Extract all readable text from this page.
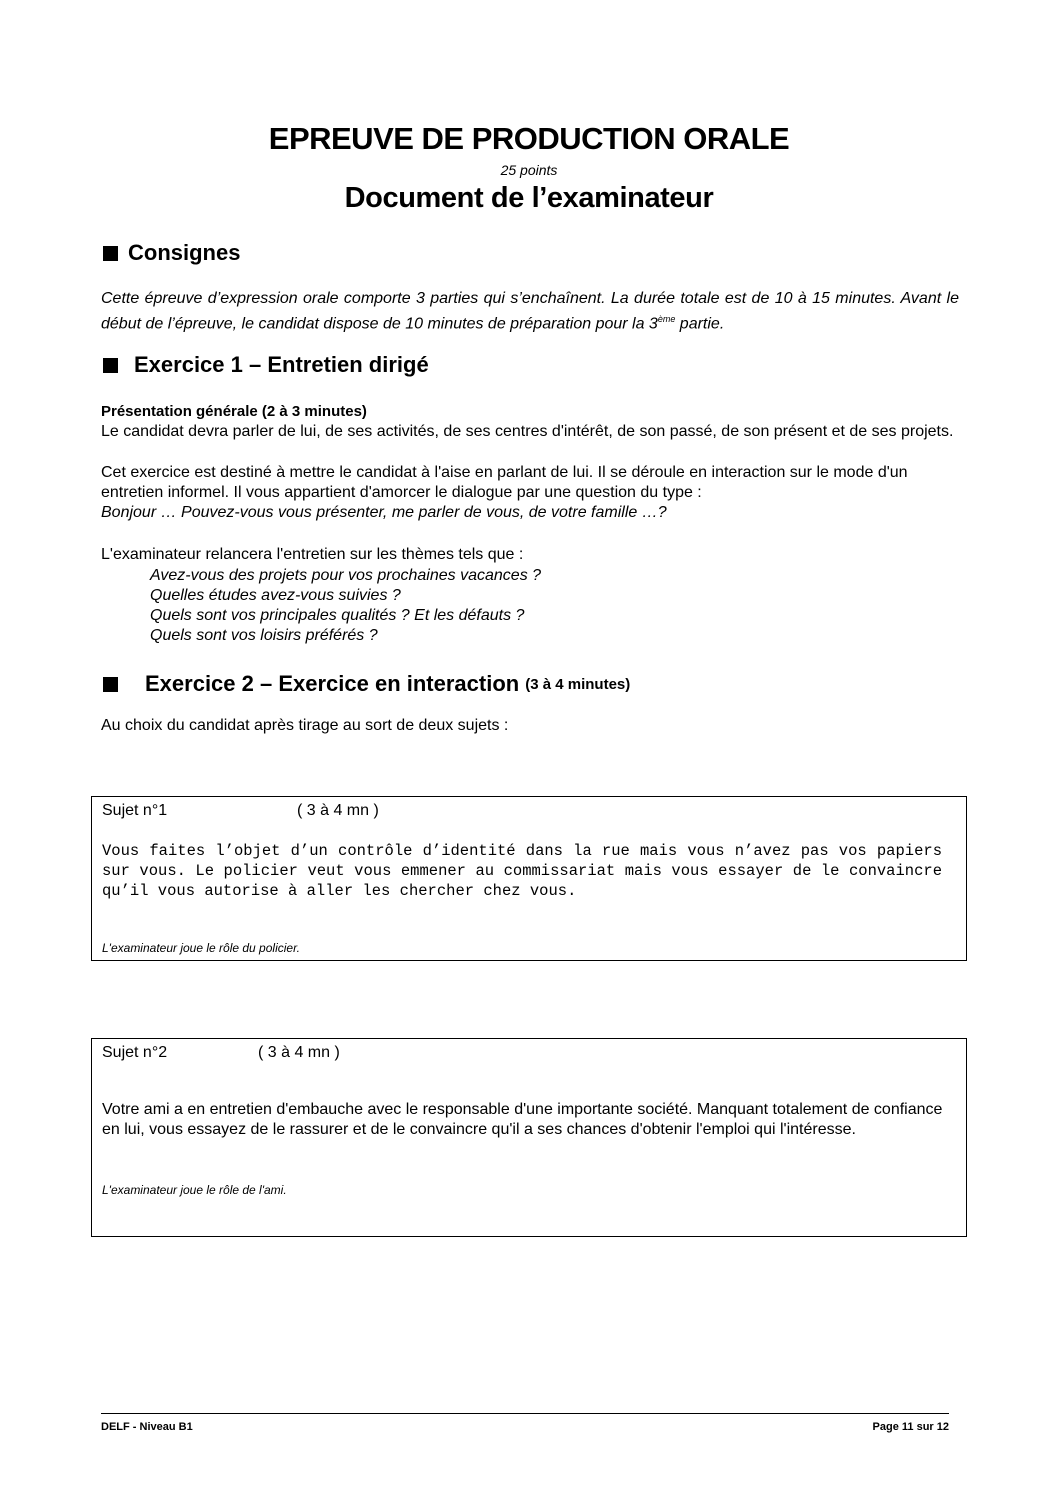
EPREUVE DE PRODUCTION ORALE
25 points
Document de l’examinateur
Consignes
Cette épreuve d’expression orale comporte 3 parties qui s’enchaînent. La durée totale est de 10 à 15 minutes. Avant le début de l’épreuve, le candidat dispose de 10 minutes de préparation pour la 3ème partie.
Exercice 1 – Entretien dirigé
Présentation générale (2 à 3 minutes)
Le candidat devra parler de lui, de ses activités, de ses centres d'intérêt, de son passé, de son présent et de ses projets.
Cet exercice est destiné à mettre le candidat à l'aise en parlant de lui. Il se déroule en interaction sur le mode d'un entretien informel. Il vous appartient d'amorcer le dialogue par une question du type :
Bonjour … Pouvez-vous vous présenter, me parler de vous, de votre famille …?
L'examinateur relancera l'entretien sur les thèmes tels que :
Avez-vous des projets pour vos prochaines vacances ?
Quelles études avez-vous suivies ?
Quels sont vos principales qualités ? Et les défauts ?
Quels sont vos loisirs préférés ?
Exercice 2 – Exercice en interaction (3 à 4 minutes)
Au choix du candidat après tirage au sort de deux sujets :
Sujet n°1	( 3 à 4 mn )
Vous faites l’objet d’un contrôle d’identité dans la rue mais vous n’avez pas vos papiers sur vous. Le policier veut vous emmener au commissariat mais vous essayer de le convaincre qu’il vous autorise à aller les chercher chez vous.
L'examinateur joue le rôle du policier.
Sujet n°2	( 3 à 4 mn )
Votre ami a en entretien d'embauche avec le responsable d'une importante société. Manquant totalement de confiance en lui, vous essayez de le rassurer et de le convaincre qu'il a ses chances d'obtenir l'emploi qui l'intéresse.
L'examinateur joue le rôle de l'ami.
DELF - Niveau B1	Page 11 sur 12
